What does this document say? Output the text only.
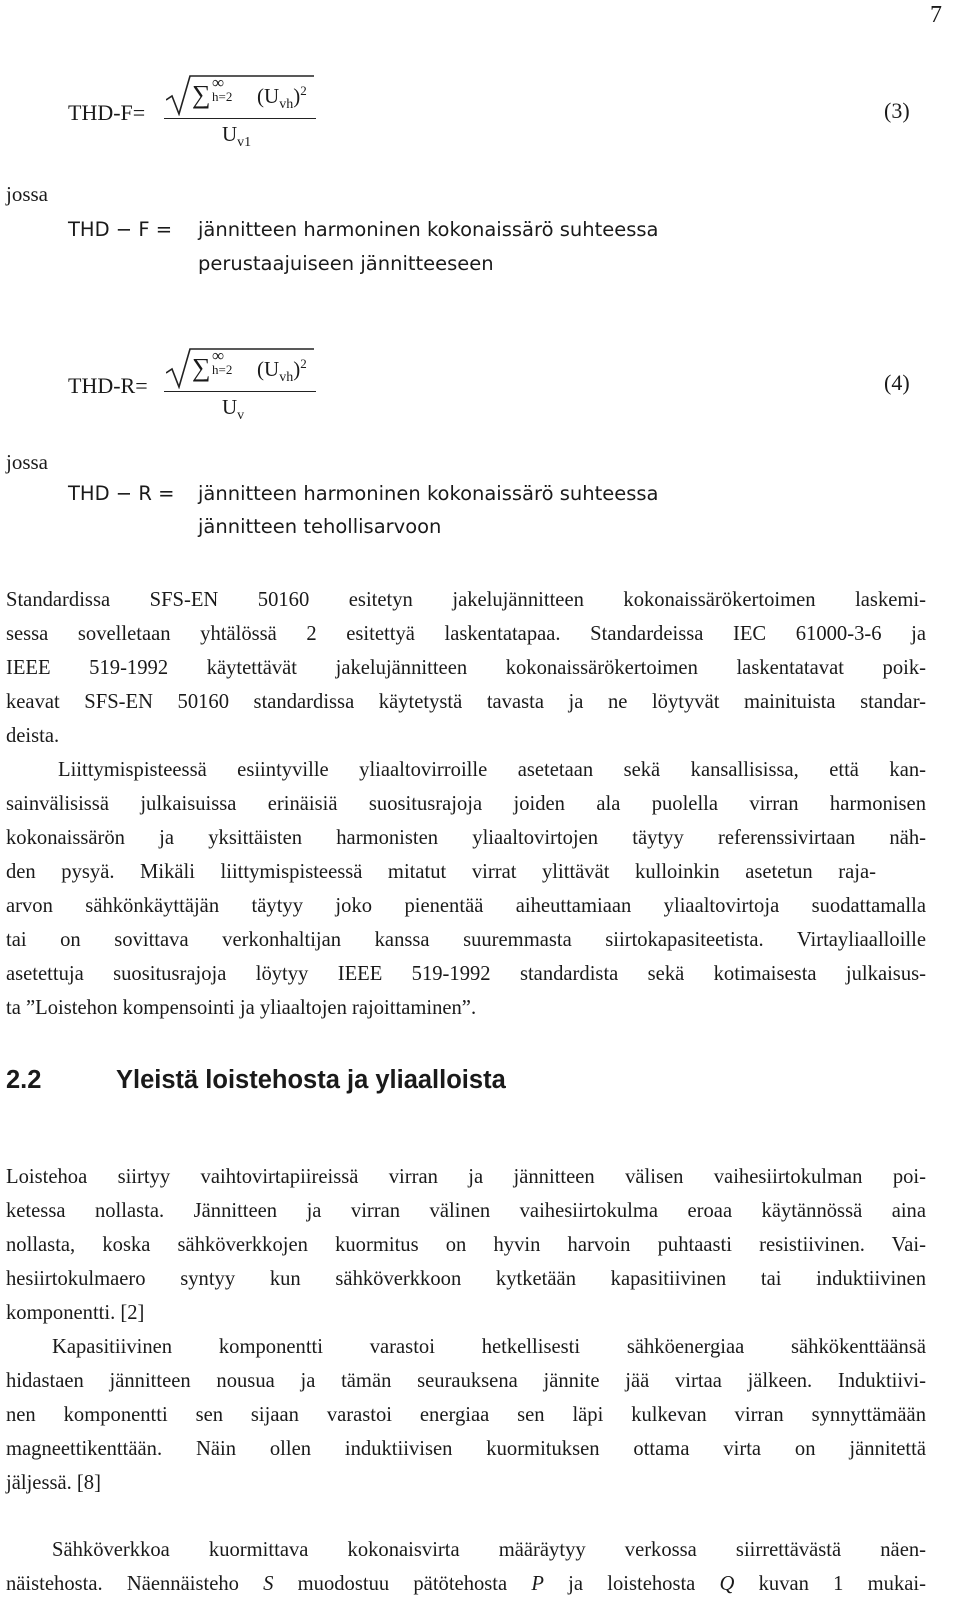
7
THD-F=
∑ ∞
h=2 $(U_{vh})^2$
$U_{v1}$
(3)
jossa
THD − F = jännitteen harmoninen kokonaissärö suhteessa
perustaajuiseen jännitteeseen
THD-R=
∑ ∞
h=2 $(U_{vh})^2$
$U_v$
(4)
jossa
THD − R = jännitteen harmoninen kokonaissärö suhteessa
jännitteen tehollisarvoon
Standardissa SFS-EN 50160 esitetyn jakelujännitteen kokonaissärökertoimen laskemi-
sessa sovelletaan yhtälössä 2 esitettyä laskentatapaa. Standardeissa IEC 61000-3-6 ja
IEEE 519-1992 käytettävät jakelujännitteen kokonaissärökertoimen laskentatavat poik-
keavat SFS-EN 50160 standardissa käytetystä tavasta ja ne löytyvät mainituista standar-
deista.
Liittymispisteessä esiintyville yliaaltovirroille asetetaan sekä kansallisissa, että kan-
sainvälisissä julkaisuissa erinäisiä suositusrajoja joiden ala puolella virran harmonisen
kokonaissärön ja yksittäisten harmonisten yliaaltovirtojen täytyy referenssivirtaan näh-
den pysyä. Mikäli liittymispisteessä mitatut virrat ylittävät kulloinkin asetetun raja-
arvon sähkönkäyttäjän täytyy joko pienentää aiheuttamiaan yliaaltovirtoja suodattamalla
tai on sovittava verkonhaltijan kanssa suuremmasta siirtokapasiteetista. Virtayliaalloille
asetettuja suositusrajoja löytyy IEEE 519-1992 standardista sekä kotimaisesta julkaisus-
ta ”Loistehon kompensointi ja yliaaltojen rajoittaminen”.
2.2	Yleistä loistehosta ja yliaalloista
Loistehoa siirtyy vaihtovirtapiireissä virran ja jännitteen välisen vaihesiirtokulman poi-
ketessa nollasta. Jännitteen ja virran välinen vaihesiirtokulma eroaa käytännössä aina
nollasta, koska sähköverkkojen kuormitus on hyvin harvoin puhtaasti resistiivinen. Vai-
hesiirtokulmaero syntyy kun sähköverkkoon kytketään kapasitiivinen tai induktiivinen
komponentti. [2]
Kapasitiivinen komponentti varastoi hetkellisesti sähköenergiaa sähkökenttäänsä
hidastaen jännitteen nousua ja tämän seurauksena jännite jää virtaa jälkeen. Induktiivi-
nen komponentti sen sijaan varastoi energiaa sen läpi kulkevan virran synnyttämään
magneettikenttään. Näin ollen induktiivisen kuormituksen ottama virta on jännitettä
jäljessä. [8]
Sähköverkkoa kuormittava kokonaisvirta määräytyy verkossa siirrettävästä näen-
näistehosta. Näennäisteho S muodostuu pätötehosta P ja loistehosta Q kuvan 1 mukai-
